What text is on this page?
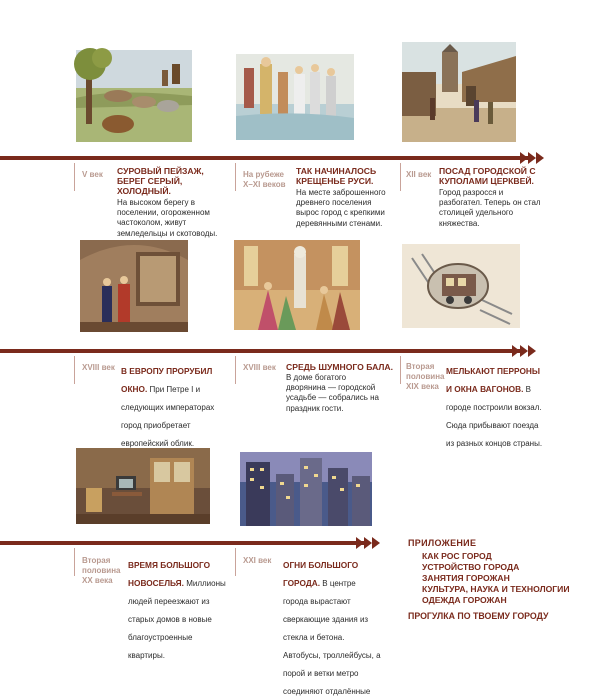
V век	СУРОВЫЙ ПЕЙЗАЖ, БЕРЕГ СЕРЫЙ, ХОЛОДНЫЙ.
На высоком берегу в поселении, огороженном частоколом, живут земледельцы и скотоводы.
На рубеже X–XI веков
ТАК НАЧИНАЛОСЬ КРЕЩЕНЬЕ РУСИ.
На месте заброшенного древнего поселения вырос город с крепкими деревянными стенами.
XII век ПОСАД ГОРОДСКОЙ С КУПОЛАМИ ЦЕРКВЕЙ.
Город разросся и разбогател. Теперь он стал столицей удельного княжества.
XVIII век В ЕВРОПУ ПРОРУБИЛ ОКНО. При Петре I и следующих императорах город приобретает европейский облик.
XVIII век	СРЕДЬ ШУМНОГО БАЛА.
В доме богатого дворянина — городской усадьбе — собрались на праздник гости.
Вторая половина XIX века
МЕЛЬКАЮТ ПЕРРОНЫ И ОКНА ВАГОНОВ. В городе построили вокзал. Сюда прибывают поезда из разных концов страны.
Вторая половина XX века
ВРЕМЯ БОЛЬШОГО НОВОСЕЛЬЯ. Миллионы людей переезжают из старых домов в новые благоустроенные квартиры.
XXI век	ОГНИ БОЛЬШОГО ГОРОДА. В центре города вырастают сверкающие здания из стекла и бетона. Автобусы, троллейбусы, а порой и ветки метро соединяют отдалённые
ПРИЛОЖЕНИЕ
КАК РОС ГОРОД
УСТРОЙСТВО ГОРОДА
ЗАНЯТИЯ ГОРОЖАН
КУЛЬТУРА, НАУКА И ТЕХНОЛОГИИ
ОДЕЖДА ГОРОЖАН
ПРОГУЛКА ПО ТВОЕМУ ГОРОДУ
